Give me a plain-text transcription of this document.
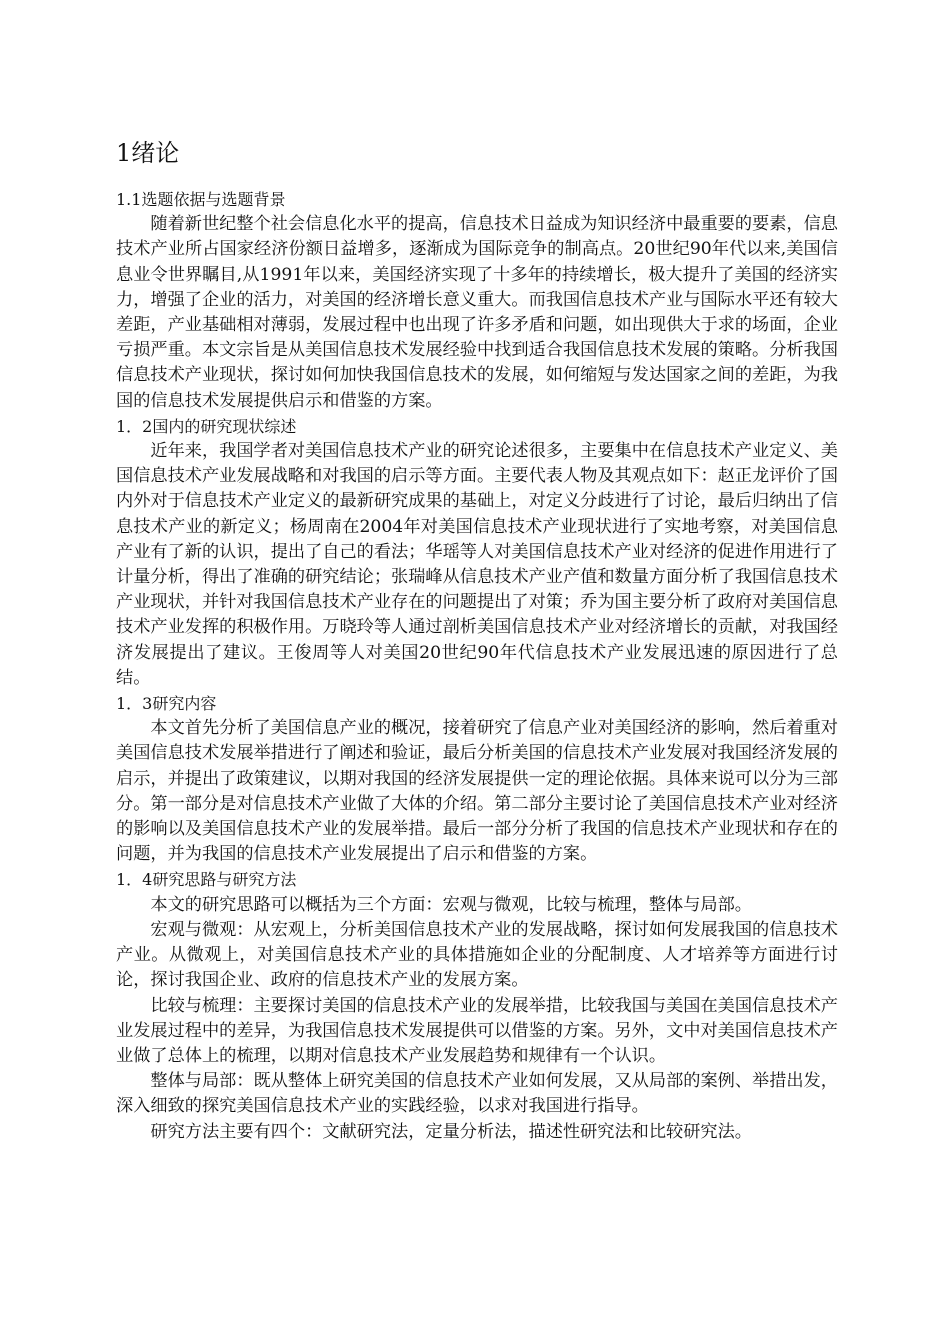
1绪论
1.1选题依据与选题背景

随着新世纪整个社会信息化水平的提高，信息技术日益成为知识经济中最重要的要素，信息技术产业所占国家经济份额日益增多，逐渐成为国际竞争的制高点。20世纪90年代以来,美国信息业令世界瞩目,从1991年以来，美国经济实现了十多年的持续增长，极大提升了美国的经济实力，增强了企业的活力，对美国的经济增长意义重大。而我国信息技术产业与国际水平还有较大差距，产业基础相对薄弱，发展过程中也出现了许多矛盾和问题，如出现供大于求的场面，企业亏损严重。本文宗旨是从美国信息技术发展经验中找到适合我国信息技术发展的策略。分析我国信息技术产业现状，探讨如何加快我国信息技术的发展，如何缩短与发达国家之间的差距，为我国的信息技术发展提供启示和借鉴的方案。

1．2国内的研究现状综述

近年来，我国学者对美国信息技术产业的研究论述很多，主要集中在信息技术产业定义、美国信息技术产业发展战略和对我国的启示等方面。主要代表人物及其观点如下：赵正龙评价了国内外对于信息技术产业定义的最新研究成果的基础上，对定义分歧进行了讨论，最后归纳出了信息技术产业的新定义；杨周南在2004年对美国信息技术产业现状进行了实地考察，对美国信息产业有了新的认识，提出了自己的看法；华瑶等人对美国信息技术产业对经济的促进作用进行了计量分析，得出了准确的研究结论；张瑞峰从信息技术产业产值和数量方面分析了我国信息技术产业现状，并针对我国信息技术产业存在的问题提出了对策；乔为国主要分析了政府对美国信息技术产业发挥的积极作用。万晓玲等人通过剖析美国信息技术产业对经济增长的贡献，对我国经济发展提出了建议。王俊周等人对美国20世纪90年代信息技术产业发展迅速的原因进行了总结。

1．3研究内容

本文首先分析了美国信息产业的概况，接着研究了信息产业对美国经济的影响，然后着重对美国信息技术发展举措进行了阐述和验证，最后分析美国的信息技术产业发展对我国经济发展的启示，并提出了政策建议，以期对我国的经济发展提供一定的理论依据。具体来说可以分为三部分。第一部分是对信息技术产业做了大体的介绍。第二部分主要讨论了美国信息技术产业对经济的影响以及美国信息技术产业的发展举措。最后一部分分析了我国的信息技术产业现状和存在的问题，并为我国的信息技术产业发展提出了启示和借鉴的方案。

1．4研究思路与研究方法

本文的研究思路可以概括为三个方面：宏观与微观，比较与梳理，整体与局部。

宏观与微观：从宏观上，分析美国信息技术产业的发展战略，探讨如何发展我国的信息技术产业。从微观上，对美国信息技术产业的具体措施如企业的分配制度、人才培养等方面进行讨论，探讨我国企业、政府的信息技术产业的发展方案。

比较与梳理：主要探讨美国的信息技术产业的发展举措，比较我国与美国在美国信息技术产业发展过程中的差异，为我国信息技术发展提供可以借鉴的方案。另外，文中对美国信息技术产业做了总体上的梳理，以期对信息技术产业发展趋势和规律有一个认识。

整体与局部：既从整体上研究美国的信息技术产业如何发展，又从局部的案例、举措出发，深入细致的探究美国信息技术产业的实践经验，以求对我国进行指导。

研究方法主要有四个：文献研究法，定量分析法，描述性研究法和比较研究法。
